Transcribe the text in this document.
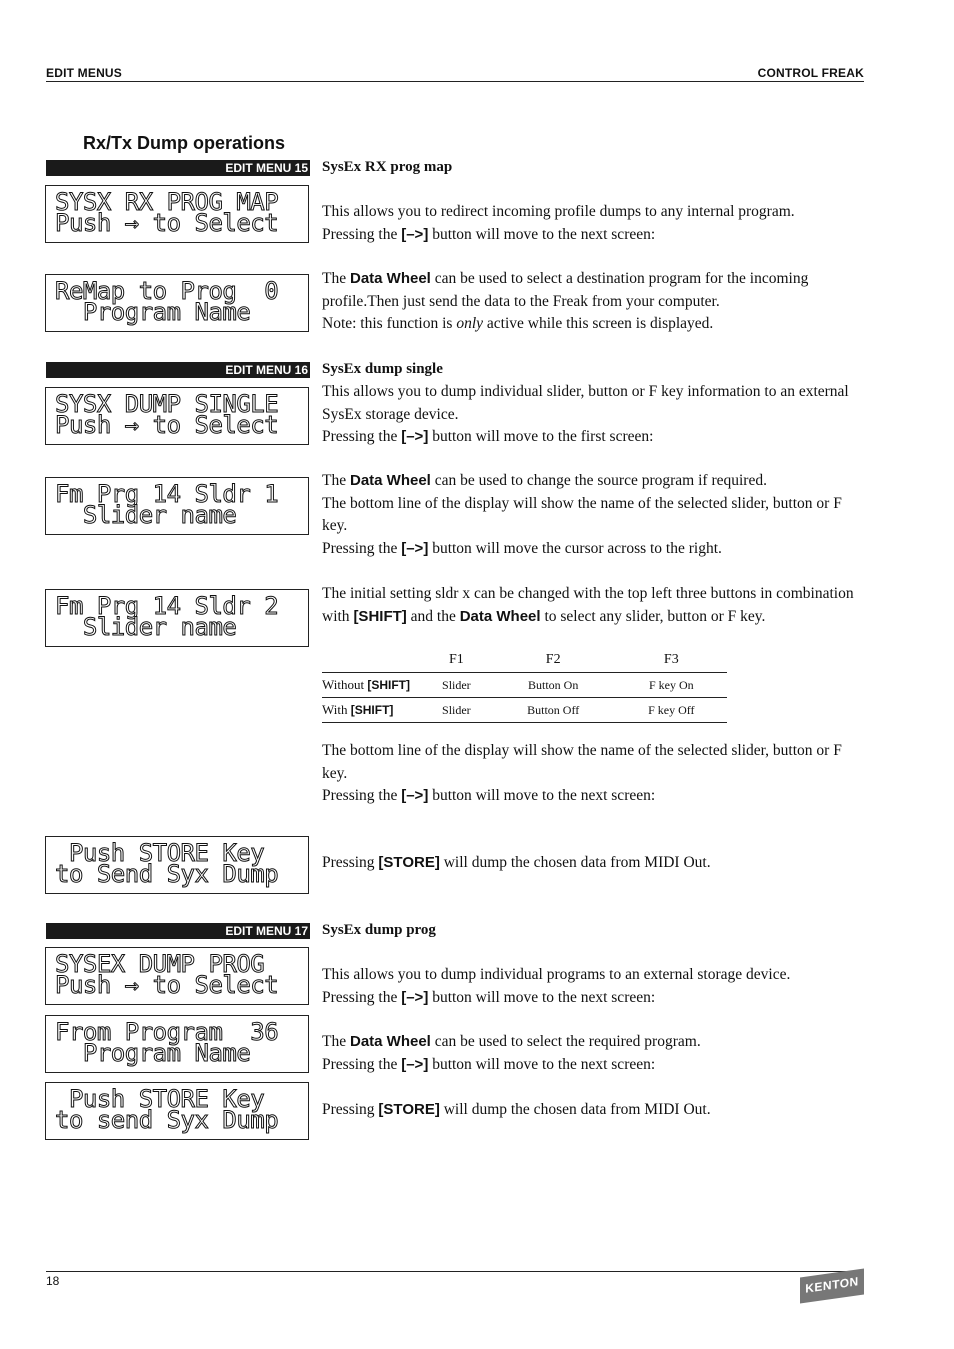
EDIT MENUS	CONTROL FREAK
Rx/Tx Dump operations
EDIT MENU 15 SysEx RX prog map
SYSX RX PROG MAP
Push → to Select	This allows you to redirect incoming profile dumps to any internal program.

Pressing the [–>] button will move to the next screen:

ReMap to Prog  0
Program Name

The Data Wheel can be used to select a destination program for the incoming profile.Then just send the data to the Freak from your computer.

Note: this function is only active while this screen is displayed.

EDIT MENU 16 SysEx dump single
SYSX DUMP SINGLE
Push → to Select

This allows you to dump individual slider, button or F key information to an external SysEx storage device.

Pressing the [–>] button will move to the first screen:

Fm Prg 14 Sldr 1
Slider name

The Data Wheel can be used to change the source program if required.

The bottom line of the display will show the name of the selected slider, button or F key.

Pressing the [–>] button will move the cursor across to the right.

Fm Prg 14 Sldr 2
Slider name

The initial setting sldr x can be changed with the top left three buttons in combination with [SHIFT] and the Data Wheel to select any slider, button or F key.

	F1	F2	F3
Without [SHIFT]	Slider	Button On	F key On
With [SHIFT]	Slider	Button Off	F key Off

The bottom line of the display will show the name of the selected slider, button or F key.

Pressing the [–>] button will move to the next screen:

Push STORE Key
to Send Syx Dump	Pressing [STORE] will dump the chosen data from MIDI Out.

EDIT MENU 17 SysEx dump prog
SYSEX DUMP PROG
Push → to Select	This allows you to dump individual programs to an external storage device.

Pressing the [–>] button will move to the next screen:

From Program  36
Program Name	The Data Wheel can be used to select the required program.

Pressing the [–>] button will move to the next screen:

Push STORE Key
to send Syx Dump	Pressing [STORE] will dump the chosen data from MIDI Out.

18	KENTON
